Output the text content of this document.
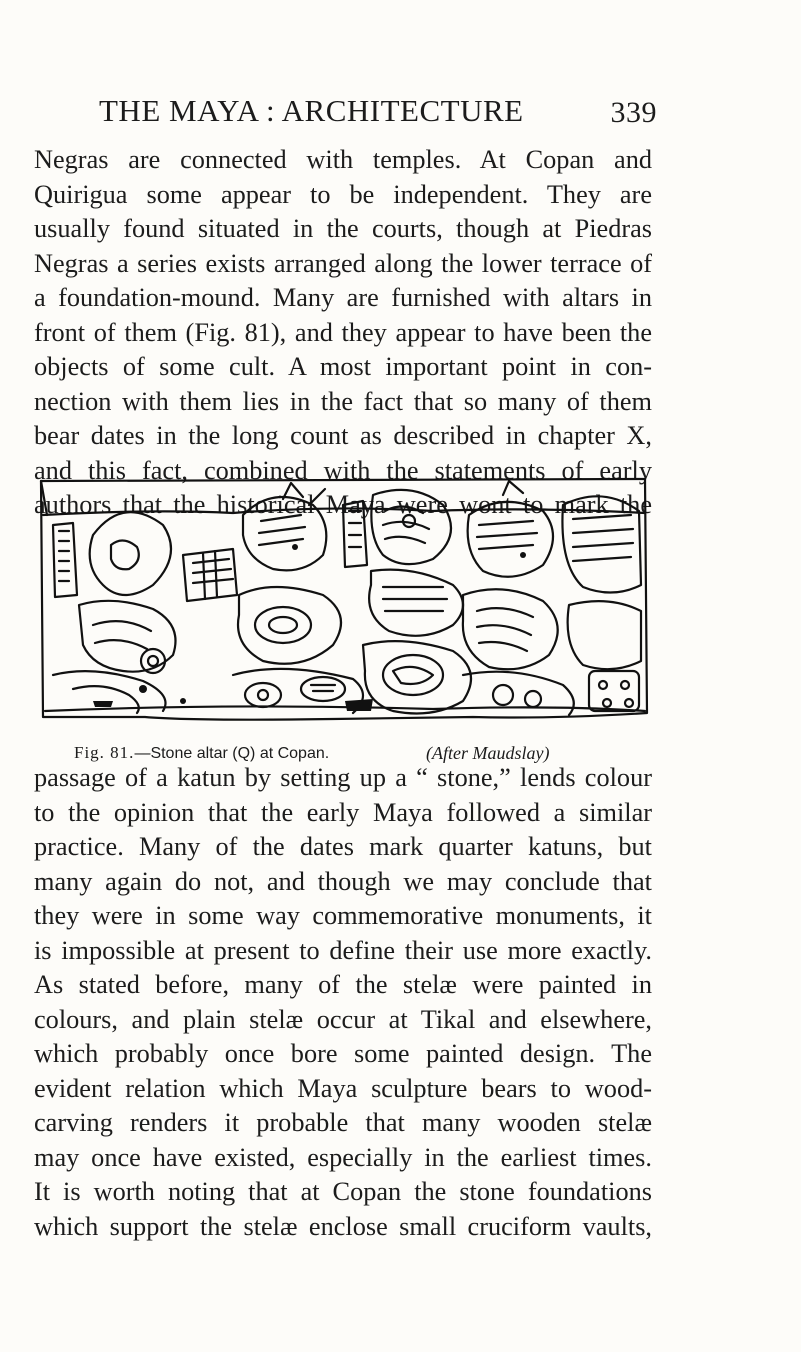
THE MAYA : ARCHITECTURE	339
Negras are connected with temples. At Copan and
Quirigua some appear to be independent. They are
usually found situated in the courts, though at Piedras
Negras a series exists arranged along the lower terrace of
a foundation-mound. Many are furnished with altars in
front of them (Fig. 81), and they appear to have been the
objects of some cult. A most important point in con-
nection with them lies in the fact that so many of them
bear dates in the long count as described in chapter X,
and this fact, combined with the statements of early
authors that the historical Maya were wont to mark the
Fig. 81.—Stone altar (Q) at Copan.	(After Maudslay)
passage of a katun by setting up a “ stone,” lends colour
to the opinion that the early Maya followed a similar
practice. Many of the dates mark quarter katuns, but
many again do not, and though we may conclude that
they were in some way commemorative monuments, it
is impossible at present to define their use more exactly.
As stated before, many of the stelæ were painted in
colours, and plain stelæ occur at Tikal and elsewhere,
which probably once bore some painted design. The
evident relation which Maya sculpture bears to wood-
carving renders it probable that many wooden stelæ
may once have existed, especially in the earliest times.
It is worth noting that at Copan the stone foundations
which support the stelæ enclose small cruciform vaults,
